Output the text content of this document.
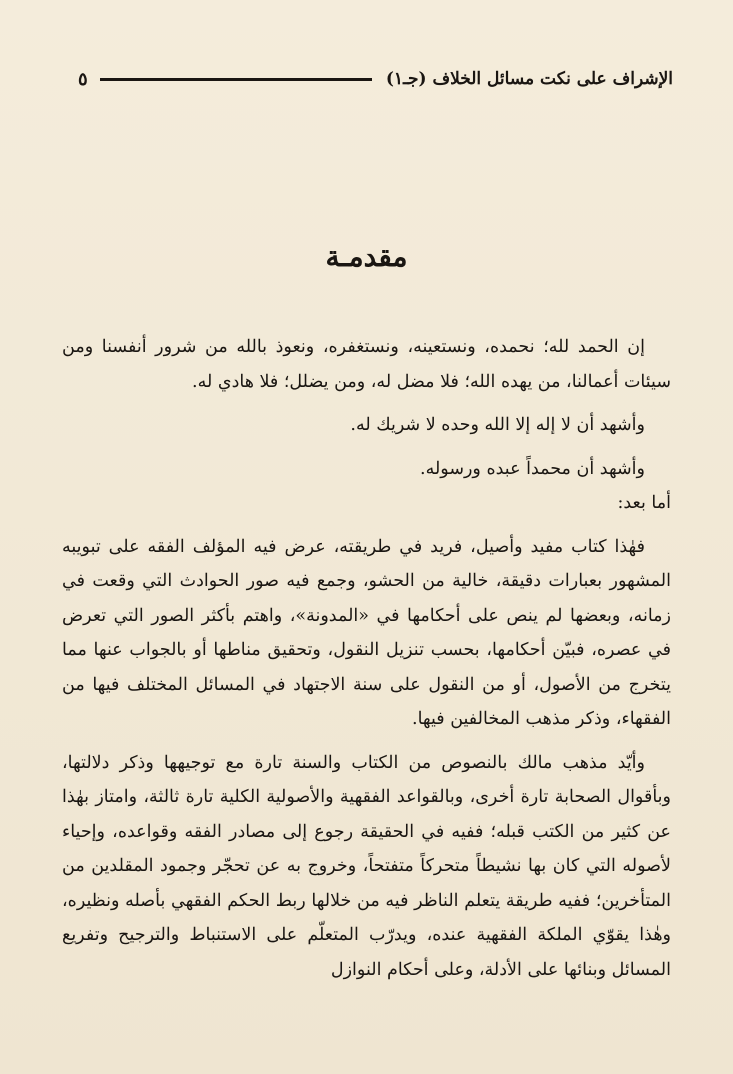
الإشراف على نكت مسائل الخلاف (جـ١)
٥
مقدمـة

إن الحمد لله؛ نحمده، ونستعينه، ونستغفره، ونعوذ بالله من شرور أنفسنا ومن سيئات أعمالنا، من يهده الله؛ فلا مضل له، ومن يضلل؛ فلا هادي له.

وأشهد أن لا إله إلا الله وحده لا شريك له.

وأشهد أن محمداً عبده ورسوله.

أما بعد:

فهٰذا كتاب مفيد وأصيل، فريد في طريقته، عرض فيه المؤلف الفقه على تبويبه المشهور بعبارات دقيقة، خالية من الحشو، وجمع فيه صور الحوادث التي وقعت في زمانه، وبعضها لم ينص على أحكامها في «المدونة»، واهتم بأكثر الصور التي تعرض في عصره، فبيّن أحكامها، بحسب تنزيل النقول، وتحقيق مناطها أو بالجواب عنها مما يتخرج من الأصول، أو من النقول على سنة الاجتهاد في المسائل المختلف فيها من الفقهاء، وذكر مذهب المخالفين فيها.

وأيّد مذهب مالك بالنصوص من الكتاب والسنة تارة مع توجيهها وذكر دلالتها، وبأقوال الصحابة تارة أخرى، وبالقواعد الفقهية والأصولية الكلية تارة ثالثة، وامتاز بهٰذا عن كثير من الكتب قبله؛ ففيه في الحقيقة رجوع إلى مصادر الفقه وقواعده، وإحياء لأصوله التي كان بها نشيطاً متحركاً متفتحاً، وخروج به عن تحجّر وجمود المقلدين من المتأخرين؛ ففيه طريقة يتعلم الناظر فيه من خلالها ربط الحكم الفقهي بأصله ونظيره، وهٰذا يقوّي الملكة الفقهية عنده، ويدرّب المتعلّم على الاستنباط والترجيح وتفريع المسائل وبنائها على الأدلة، وعلى أحكام النوازل
